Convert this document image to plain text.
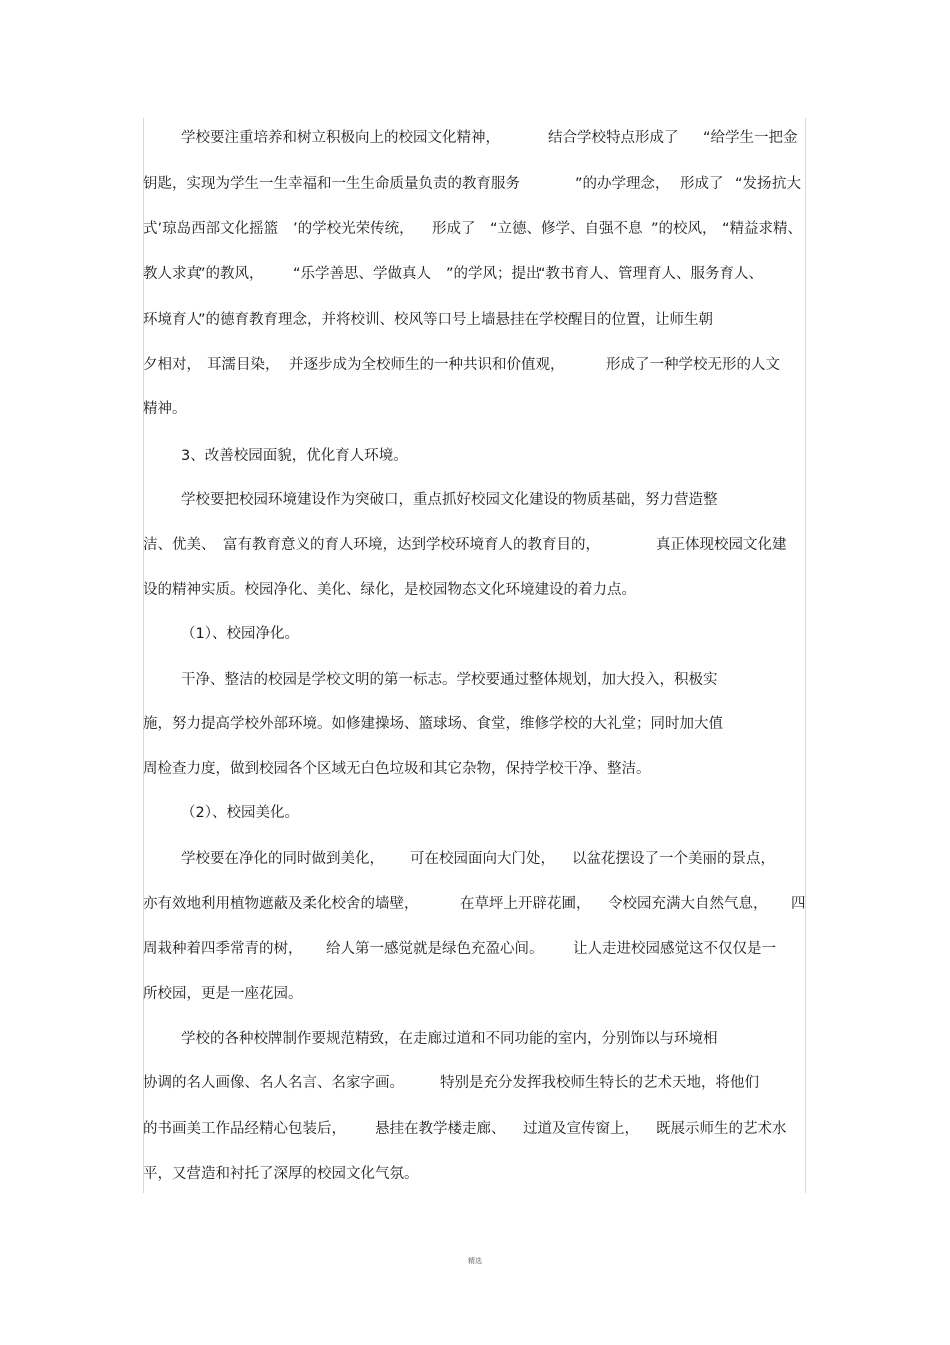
学校要注重培养和树立积极向上的校园文化精神，	结合学校特点形成了 “给学生一把金
钥匙，实现为学生一生幸福和一生生命质量负责的教育服务	”的办学理念， 形成了 “发扬 抗大
式’琼岛西部文化摇篮 ’的学校光荣传统， 形成了 “立德、修学、自强不息 ”的校风， “精益求精、
教人求真
”的教风， “乐学善思、学做真人 ”的学风；提出
“教书育人、管理育人、服务育人、
环境育人
”的德育教育理念，并将校训、校风等口号上墙悬挂在学校醒目的位置，让师生朝
夕相对， 耳濡目染， 并逐步成为全校师生的一种共识和价值观，	形成了一种学校无形的人文
精神。
3、改善校园面貌，优化育人环境。
学校要把校园环境建设作为突破口，重点抓好校园文化建设的物质基础，努力营造整
洁、优美、 富有教育意义的育人环境，达到学校环境育人的教育目的，	真正体现校园文化建
设的精神实质。校园净化、美化、绿化，是校园物态文化环境建设的着力点。
（1）、校园净化。
干净、整洁的校园是学校文明的第一标志。学校要通过整体规划，加大投入，积极实
施，努力提高学校外部环境。如修建操场、篮球场、食堂，维修学校的大礼堂；同时加大值
周检查力度，做到校园各个区域无白色垃圾和其它杂物，保持学校干净、整洁。
（2）、校园美化。
学校要在净化的同时做到美化， 可在校园面向大门处， 以盆花摆设了一个美丽的景点，
亦有效地利用植物遮蔽及柔化校舍的墙壁，	在草坪上开辟花圃， 令校园充满大自然气息， 四
周栽种着四季常青的树， 给人第一感觉就是绿色充盈心间。 让人走进校园感觉这不仅仅是一
所校园，更是一座花园。
学校的各种校牌制作要规范精致，在走廊过道和不同功能的室内，分别饰以与环境相
协调的名人画像、名人名言、名家字画。 特别是充分发挥我校师生特长的艺术天地，将他们
的书画美工作品经精心包装后， 悬挂在教学楼走廊、 过道及宣传窗上， 既展示师生的艺术水
平，又营造和衬托了深厚的校园文化气氛。
精选
